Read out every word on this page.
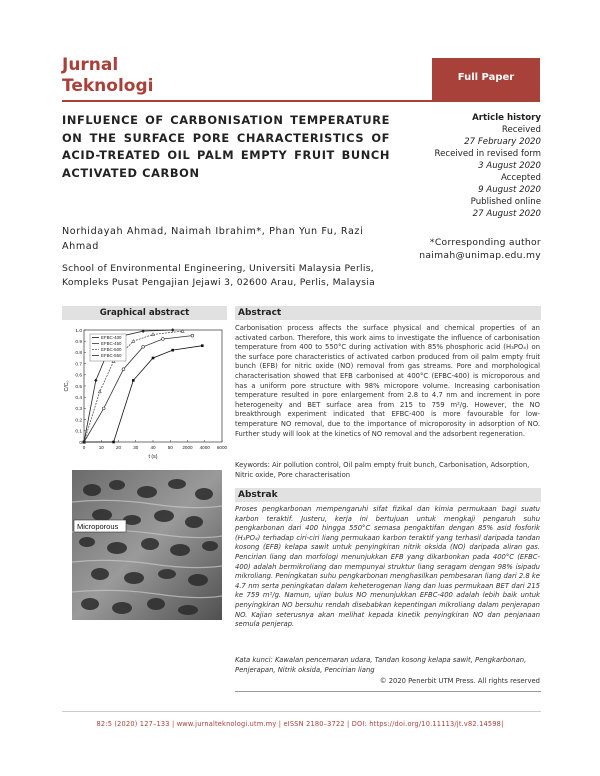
Jurnal
Teknologi	Full Paper
INFLUENCE OF CARBONISATION TEMPERATURE ON THE SURFACE PORE CHARACTERISTICS OF ACID-TREATED OIL PALM EMPTY FRUIT BUNCH ACTIVATED CARBON
Norhidayah Ahmad, Naimah Ibrahim*, Phan Yun Fu, Razi Ahmad
School of Environmental Engineering, Universiti Malaysia Perlis, Kompleks Pusat Pengajian Jejawi 3, 02600 Arau, Perlis, Malaysia
Article history
Received
27 February 2020
Received in revised form
3 August 2020
Accepted
9 August 2020
Published online
27 August 2020
*Corresponding author
naimah@unimap.edu.my
Graphical abstract
0
0.1
0.2
0.3
0.4
0.5
0.6
0.7
0.8
0.9
1.0
0	10	20	30	40	50 2000 4000 6000
t (s)
C/C₀
EFBC-400
EFBC-450
EFBC-500
EFBC-550
Microporous
Abstract
Carbonisation process affects the surface physical and chemical properties of an activated carbon. Therefore, this work aims to investigate the influence of carbonisation temperature from 400 to 550°C during activation with 85% phosphoric acid (H₃PO₄) on the surface pore characteristics of activated carbon produced from oil palm empty fruit bunch (EFB) for nitric oxide (NO) removal from gas streams. Pore and morphological characterisation showed that EFB carbonised at 400°C (EFBC-400) is microporous and has a uniform pore structure with 98% micropore volume. Increasing carbonisation temperature resulted in pore enlargement from 2.8 to 4.7 nm and increment in pore heterogeneity and BET surface area from 215 to 759 m²/g. However, the NO breakthrough experiment indicated that EFBC-400 is more favourable for low-temperature NO removal, due to the importance of microporosity in adsorption of NO. Further study will look at the kinetics of NO removal and the adsorbent regeneration.
Keywords: Air pollution control, Oil palm empty fruit bunch, Carbonisation, Adsorption, Nitric oxide, Pore characterisation
Abstrak
Proses pengkarbonan mempengaruhi sifat fizikal dan kimia permukaan bagi suatu karbon teraktif. Justeru, kerja ini bertujuan untuk mengkaji pengaruh suhu pengkarbonan dari 400 hingga 550°C semasa pengaktifan dengan 85% asid fosforik (H₃PO₄) terhadap ciri-ciri liang permukaan karbon teraktif yang terhasil daripada tandan kosong (EFB) kelapa sawit untuk penyingkiran nitrik oksida (NO) daripada aliran gas. Pencirian liang dan morfologi menunjukkan EFB yang dikarbonkan pada 400°C (EFBC-400) adalah bermikroliang dan mempunyai struktur liang seragam dengan 98% isipadu mikroliang. Peningkatan suhu pengkarbonan menghasilkan pembesaran liang dari 2.8 ke 4.7 nm serta peningkatan dalam keheterogenan liang dan luas permukaan BET dari 215 ke 759 m²/g. Namun, ujian bulus NO menunjukkan EFBC-400 adalah lebih baik untuk penyingkiran NO bersuhu rendah disebabkan kepentingan mikroliang dalam penjerapan NO. Kajian seterusnya akan melihat kepada kinetik penyingkiran NO dan penjanaan semula penjerap.
Kata kunci: Kawalan pencemaran udara, Tandan kosong kelapa sawit, Pengkarbonan, Penjerapan, Nitrik oksida, Pencirian liang
© 2020 Penerbit UTM Press. All rights reserved
82:5 (2020) 127–133 | www.jurnalteknologi.utm.my | eISSN 2180–3722 | DOI: https://doi.org/10.11113/jt.v82.14598|
